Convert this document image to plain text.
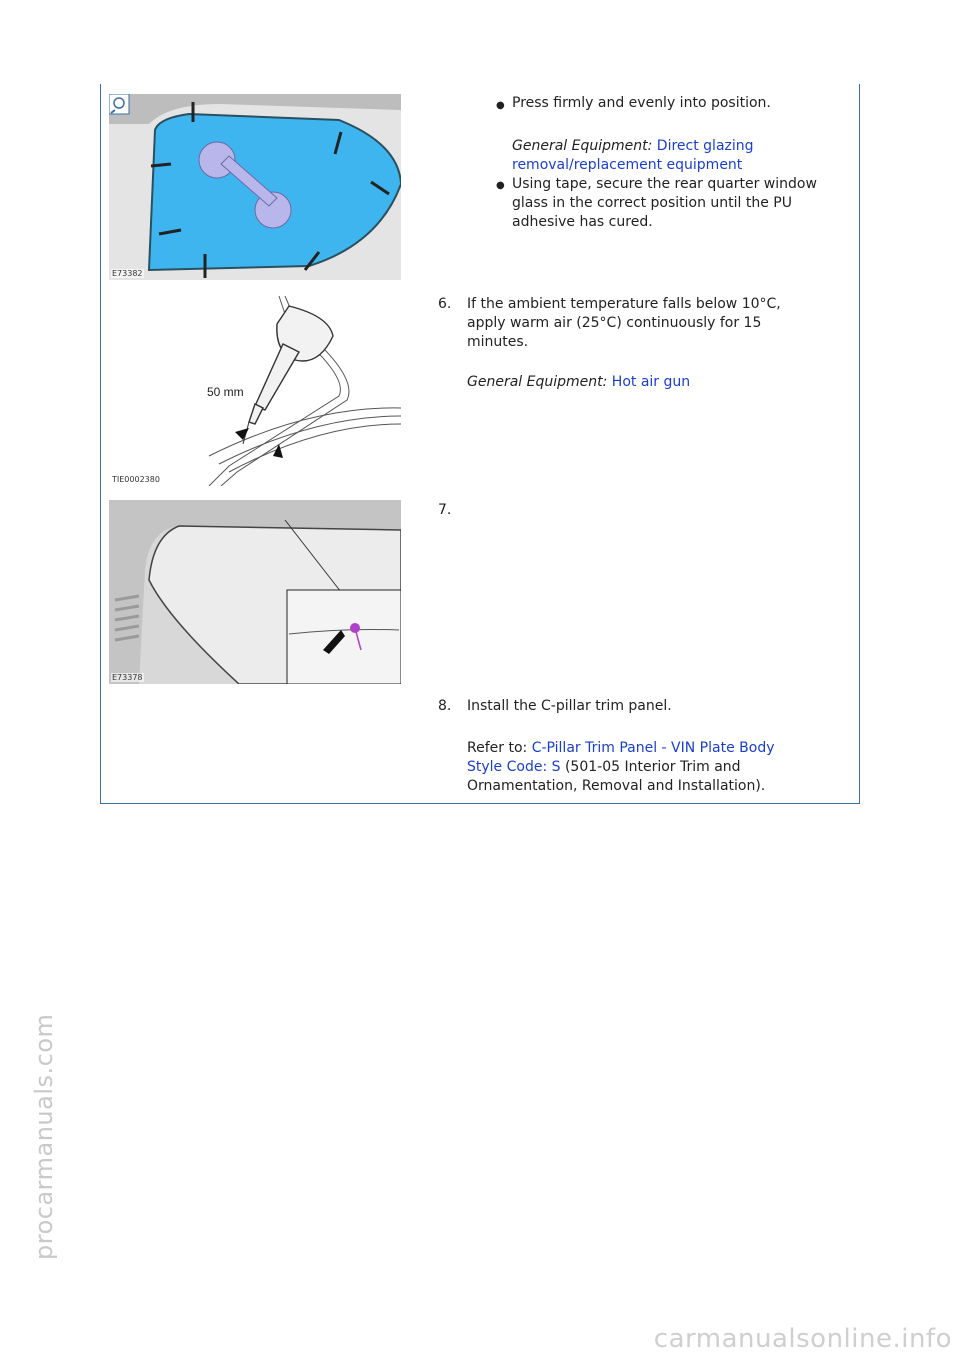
E73382
● Press firmly and evenly into position.
General Equipment: Direct glazing
removal/replacement equipment
● Using tape, secure the rear quarter window
glass in the correct position until the PU
adhesive has cured.
50 mm
TIE0002380
6. If the ambient temperature falls below 10°C,
apply warm air (25°C) continuously for 15
minutes.
General Equipment: Hot air gun
E73378
7.
8. Install the C-pillar trim panel.
Refer to: C-Pillar Trim Panel - VIN Plate Body
Style Code: S (501-05 Interior Trim and
Ornamentation, Removal and Installation).
procarmanuals.com
carmanualsonline.info
